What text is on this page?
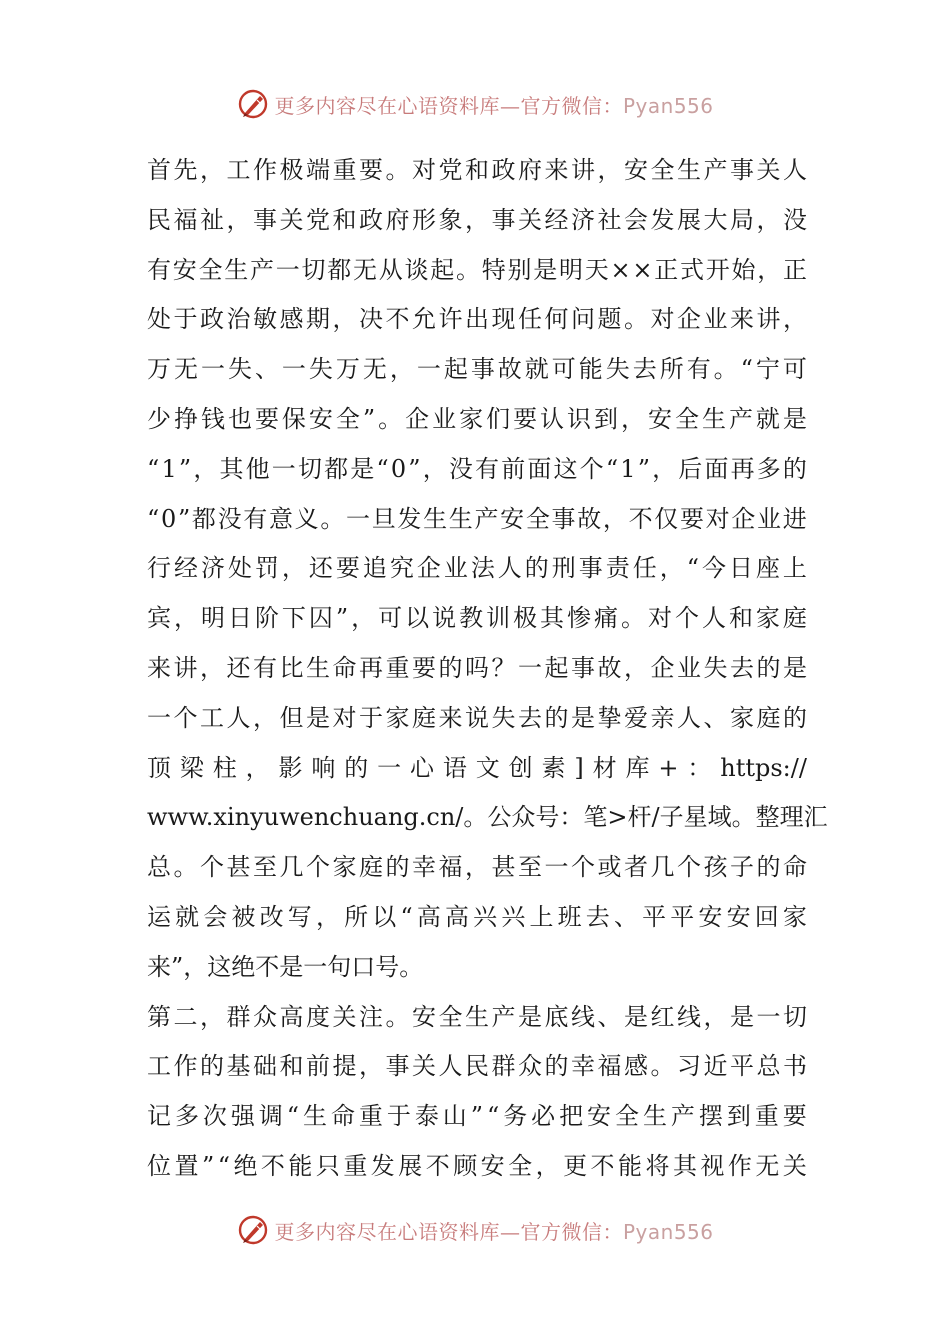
更多内容尽在心语资料库—官方微信：Pyan556
首 先 ， 工 作 极 端 重 要 。 对 党 和 政 府 来 讲 ， 安 全 生 产 事 关 人
民 福 祉 ， 事 关 党 和 政 府 形 象 ， 事 关 经 济 社 会 发 展 大 局 ， 没
有 安 全 生 产 一 切 都 无 从 谈 起 。 特 别 是 明 天 × × 正 式 开 始 ， 正
处 于 政 治 敏 感 期 ， 决 不 允 许 出 现 任 何 问 题 。 对 企 业 来 讲 ，
万 无 一 失 、 一 失 万 无 ， 一 起 事 故 就 可 能 失 去 所 有 。 “ 宁 可
少 挣 钱 也 要 保 安 全 ” 。 企 业 家 们 要 认 识 到 ， 安 全 生 产 就 是
“ 1 ” ， 其 他 一 切 都 是 “ 0 ” ， 没 有 前 面 这 个 “ 1 ” ， 后 面 再 多 的
“ 0 ” 都 没 有 意 义 。 一 旦 发 生 生 产 安 全 事 故 ， 不 仅 要 对 企 业 进
行 经 济 处 罚 ， 还 要 追 究 企 业 法 人 的 刑 事 责 任 ， “ 今 日 座 上
宾 ， 明 日 阶 下 囚 ” ， 可 以 说 教 训 极 其 惨 痛 。 对 个 人 和 家 庭
来 讲 ， 还 有 比 生 命 再 重 要 的 吗 ？ 一 起 事 故 ， 企 业 失 去 的 是
一 个 工 人 ， 但 是 对 于 家 庭 来 说 失 去 的 是 挚 爱 亲 人 、 家 庭 的
顶 梁 柱 ， 影 响 的 一 心 语 文 创 素 ] 材 库 + ： https://
www.xinyuwenchuang.cn/ 。 公 众 号 ： 笔 > 杆 / 子 星 域 。 整 理 汇
总 。 个 甚 至 几 个 家 庭 的 幸 福 ， 甚 至 一 个 或 者 几 个 孩 子 的 命
运 就 会 被 改 写 ， 所 以 “ 高 高 兴 兴 上 班 去 、 平 平 安 安 回 家
来”，这绝不是一句口号。
第 二 ， 群 众 高 度 关 注 。 安 全 生 产 是 底 线 、 是 红 线 ， 是 一 切
工 作 的 基 础 和 前 提 ， 事 关 人 民 群 众 的 幸 福 感 。 习 近 平 总 书
记 多 次 强 调 “ 生 命 重 于 泰 山 ” “ 务 必 把 安 全 生 产 摆 到 重 要
位 置 ” “ 绝 不 能 只 重 发 展 不 顾 安 全 ， 更 不 能 将 其 视 作 无 关
更多内容尽在心语资料库—官方微信：Pyan556
